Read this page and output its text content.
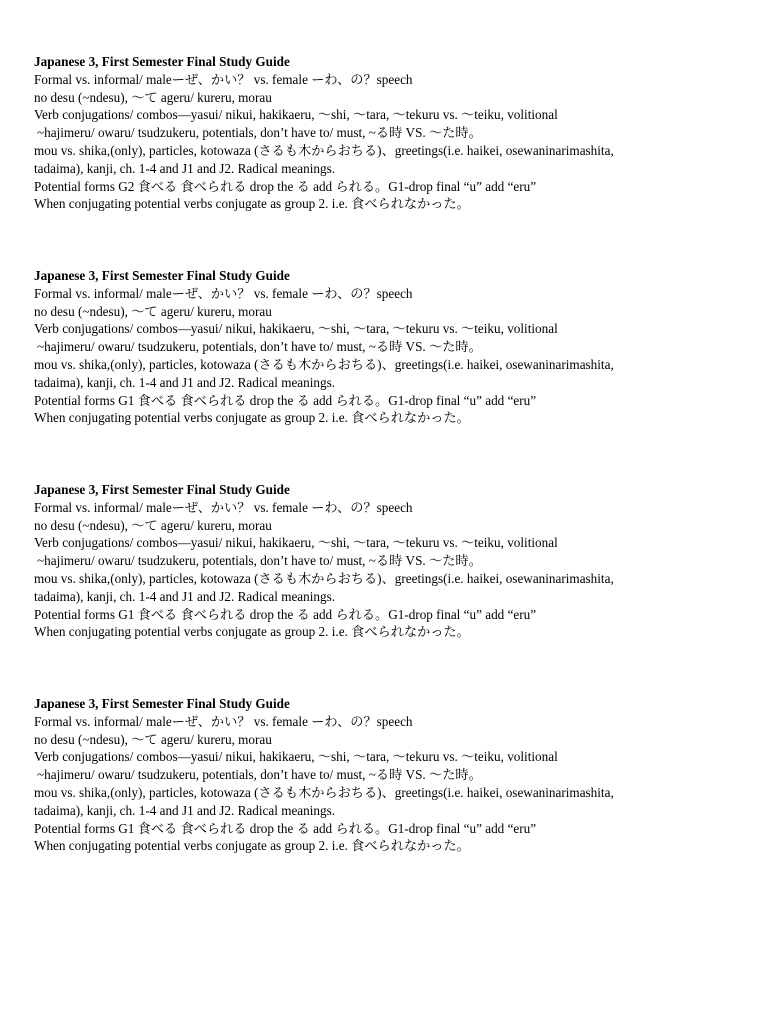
Japanese 3, First Semester Final Study Guide
Formal vs. informal/ maleーぜ、かい？ vs. female ーわ、の？speech
no desu (~ndesu), ～て ageru/ kureru, morau
Verb conjugations/ combos—yasui/ nikui, hakikaeru, ～shi, ～tara, ～tekuru vs. ～teiku, volitional
~hajimeru/ owaru/ tsudzukeru, potentials, don’t have to/ must, ~る時 VS. ～た時。
mou vs. shika,(only), particles, kotowaza (さるも木からおちる)、greetings(i.e. haikei, osewaninarimashita,
tadaima), kanji, ch. 1-4 and J1 and J2. Radical meanings.
Potential forms G2 食べる 食べられる drop the る add られる。G1-drop final “u” add “eru”
When conjugating potential verbs conjugate as group 2. i.e. 食べられなかった。
Japanese 3, First Semester Final Study Guide
Formal vs. informal/ maleーぜ、かい？ vs. female ーわ、の？speech
no desu (~ndesu), ～て ageru/ kureru, morau
Verb conjugations/ combos—yasui/ nikui, hakikaeru, ～shi, ～tara, ～tekuru vs. ～teiku, volitional
~hajimeru/ owaru/ tsudzukeru, potentials, don’t have to/ must, ~る時 VS. ～た時。
mou vs. shika,(only), particles, kotowaza (さるも木からおちる)、greetings(i.e. haikei, osewaninarimashita,
tadaima), kanji, ch. 1-4 and J1 and J2. Radical meanings.
Potential forms G1 食べる 食べられる drop the る add られる。G1-drop final “u” add “eru”
When conjugating potential verbs conjugate as group 2. i.e. 食べられなかった。
Japanese 3, First Semester Final Study Guide
Formal vs. informal/ maleーぜ、かい？ vs. female ーわ、の？speech
no desu (~ndesu), ～て ageru/ kureru, morau
Verb conjugations/ combos—yasui/ nikui, hakikaeru, ～shi, ～tara, ～tekuru vs. ～teiku, volitional
~hajimeru/ owaru/ tsudzukeru, potentials, don’t have to/ must, ~る時 VS. ～た時。
mou vs. shika,(only), particles, kotowaza (さるも木からおちる)、greetings(i.e. haikei, osewaninarimashita,
tadaima), kanji, ch. 1-4 and J1 and J2. Radical meanings.
Potential forms G1 食べる 食べられる drop the る add られる。G1-drop final “u” add “eru”
When conjugating potential verbs conjugate as group 2. i.e. 食べられなかった。
Japanese 3, First Semester Final Study Guide
Formal vs. informal/ maleーぜ、かい？ vs. female ーわ、の？speech
no desu (~ndesu), ～て ageru/ kureru, morau
Verb conjugations/ combos—yasui/ nikui, hakikaeru, ～shi, ～tara, ～tekuru vs. ～teiku, volitional
~hajimeru/ owaru/ tsudzukeru, potentials, don’t have to/ must, ~る時 VS. ～た時。
mou vs. shika,(only), particles, kotowaza (さるも木からおちる)、greetings(i.e. haikei, osewaninarimashita,
tadaima), kanji, ch. 1-4 and J1 and J2. Radical meanings.
Potential forms G1 食べる 食べられる drop the る add られる。G1-drop final “u” add “eru”
When conjugating potential verbs conjugate as group 2. i.e. 食べられなかった。
